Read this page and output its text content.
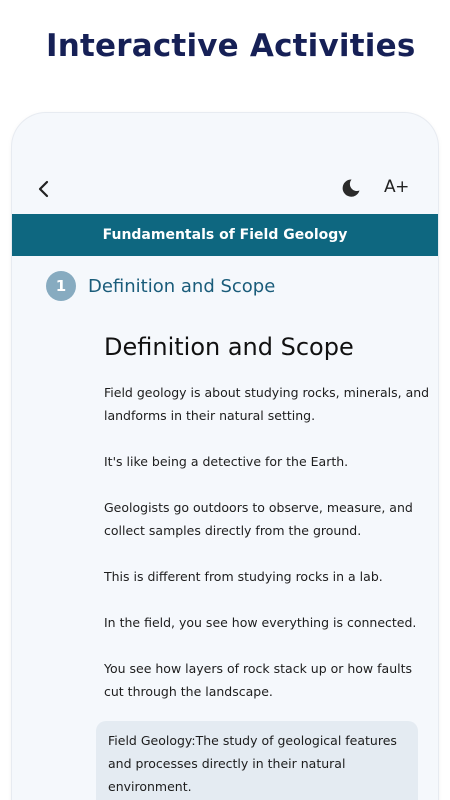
Interactive Activities
A+
Fundamentals of Field Geology
1	Definition and Scope
Definition and Scope

Field geology is about studying rocks, minerals, and landforms in their natural setting.

It's like being a detective for the Earth.

Geologists go outdoors to observe, measure, and collect samples directly from the ground.

This is different from studying rocks in a lab.

In the field, you see how everything is connected.

You see how layers of rock stack up or how faults cut through the landscape.

Field Geology:The study of geological features and processes directly in their natural environment.
